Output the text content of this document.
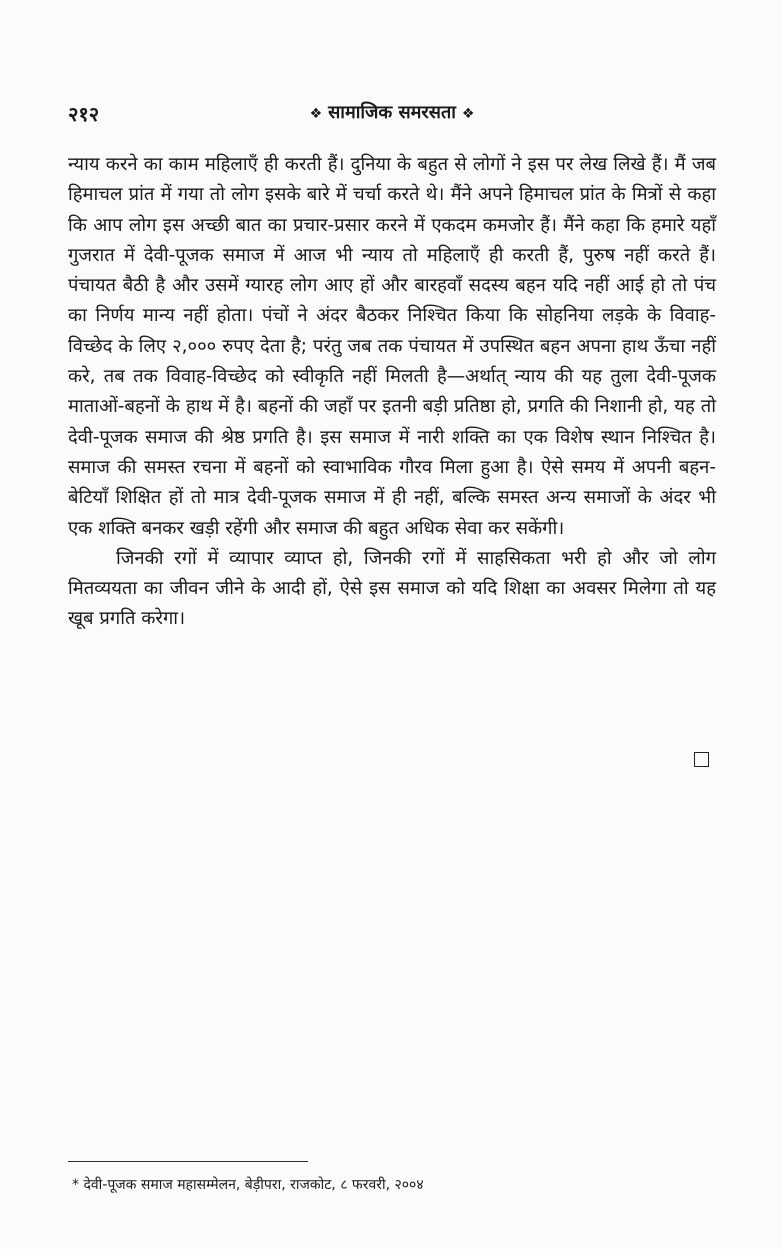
२१२	❖ सामाजिक समरसता ❖

न्याय करने का काम महिलाएँ ही करती हैं। दुनिया के बहुत से लोगों ने इस पर लेख लिखे हैं। मैं जब हिमाचल प्रांत में गया तो लोग इसके बारे में चर्चा करते थे। मैंने अपने हिमाचल प्रांत के मित्रों से कहा कि आप लोग इस अच्छी बात का प्रचार-प्रसार करने में एकदम कमजोर हैं। मैंने कहा कि हमारे यहाँ गुजरात में देवी-पूजक समाज में आज भी न्याय तो महिलाएँ ही करती हैं, पुरुष नहीं करते हैं। पंचायत बैठी है और उसमें ग्यारह लोग आए हों और बारहवाँ सदस्य बहन यदि नहीं आई हो तो पंच का निर्णय मान्य नहीं होता। पंचों ने अंदर बैठकर निश्चित किया कि सोहनिया लड़के के विवाह-विच्छेद के लिए २,००० रुपए देता है; परंतु जब तक पंचायत में उपस्थित बहन अपना हाथ ऊँचा नहीं करे, तब तक विवाह-विच्छेद को स्वीकृति नहीं मिलती है—अर्थात् न्याय की यह तुला देवी-पूजक माताओं-बहनों के हाथ में है। बहनों की जहाँ पर इतनी बड़ी प्रतिष्ठा हो, प्रगति की निशानी हो, यह तो देवी-पूजक समाज की श्रेष्ठ प्रगति है। इस समाज में नारी शक्ति का एक विशेष स्थान निश्चित है। समाज की समस्त रचना में बहनों को स्वाभाविक गौरव मिला हुआ है। ऐसे समय में अपनी बहन-बेटियाँ शिक्षित हों तो मात्र देवी-पूजक समाज में ही नहीं, बल्कि समस्त अन्य समाजों के अंदर भी एक शक्ति बनकर खड़ी रहेंगी और समाज की बहुत अधिक सेवा कर सकेंगी।

जिनकी रगों में व्यापार व्याप्त हो, जिनकी रगों में साहसिकता भरी हो और जो लोग मितव्ययता का जीवन जीने के आदी हों, ऐसे इस समाज को यदि शिक्षा का अवसर मिलेगा तो यह खूब प्रगति करेगा।

* देवी-पूजक समाज महासम्मेलन, बेड़ीपरा, राजकोट, ८ फरवरी, २००४
